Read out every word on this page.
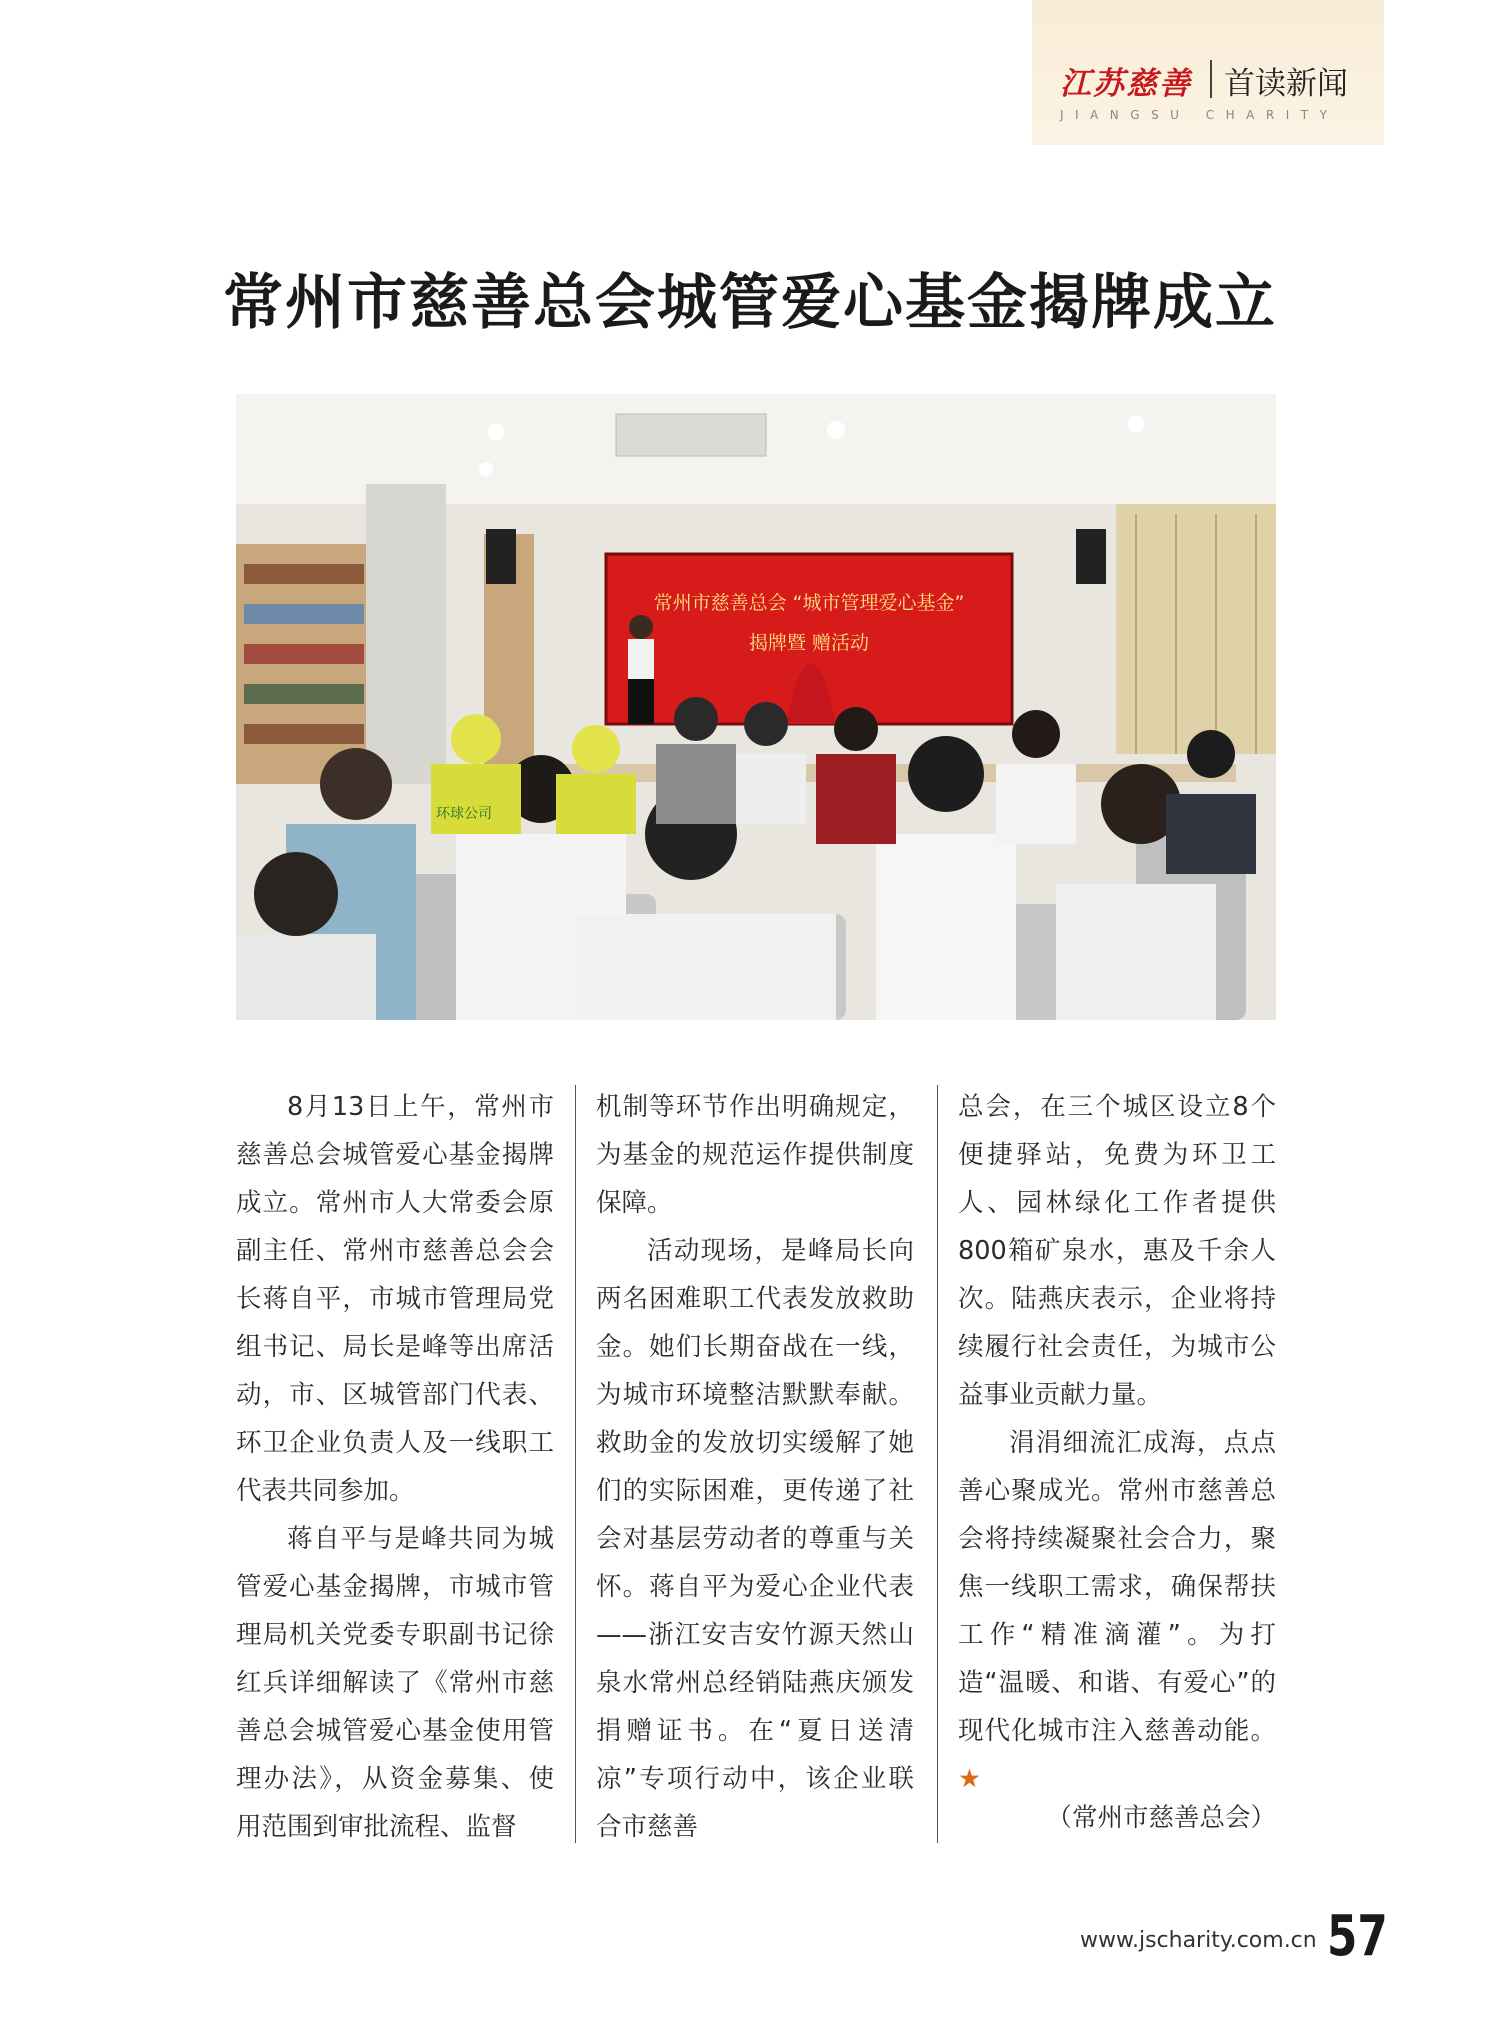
江苏慈善 首读新闻
JIANGSU CHARITY
常州市慈善总会城管爱心基金揭牌成立
常州市慈善总会 “城市管理爱心基金”
揭牌暨 赠活动
环球公司

8月13日上午，常州市慈善总会城管爱心基金揭牌成立。常州市人大常委会原副主任、常州市慈善总会会长蒋自平，市城市管理局党组书记、局长是峰等出席活动，市、区城管部门代表、环卫企业负责人及一线职工代表共同参加。

蒋自平与是峰共同为城管爱心基金揭牌，市城市管理局机关党委专职副书记徐红兵详细解读了《常州市慈善总会城管爱心基金使用管理办法》，从资金募集、使用范围到审批流程、监督

机制等环节作出明确规定，为基金的规范运作提供制度保障。

活动现场，是峰局长向两名困难职工代表发放救助金。她们长期奋战在一线，为城市环境整洁默默奉献。救助金的发放切实缓解了她们的实际困难，更传递了社会对基层劳动者的尊重与关怀。蒋自平为爱心企业代表——浙江安吉安竹源天然山泉水常州总经销陆燕庆颁发捐赠证书。在“夏日送清凉”专项行动中，该企业联合市慈善

总会，在三个城区设立8个便捷驿站，免费为环卫工人、园林绿化工作者提供800箱矿泉水，惠及千余人次。陆燕庆表示，企业将持续履行社会责任，为城市公益事业贡献力量。

涓涓细流汇成海，点点善心聚成光。常州市慈善总会将持续凝聚社会合力，聚焦一线职工需求，确保帮扶工作“精准滴灌”。为打造“温暖、和谐、有爱心”的现代化城市注入慈善动能。★

（常州市慈善总会）
www.jscharity.com.cn 57
